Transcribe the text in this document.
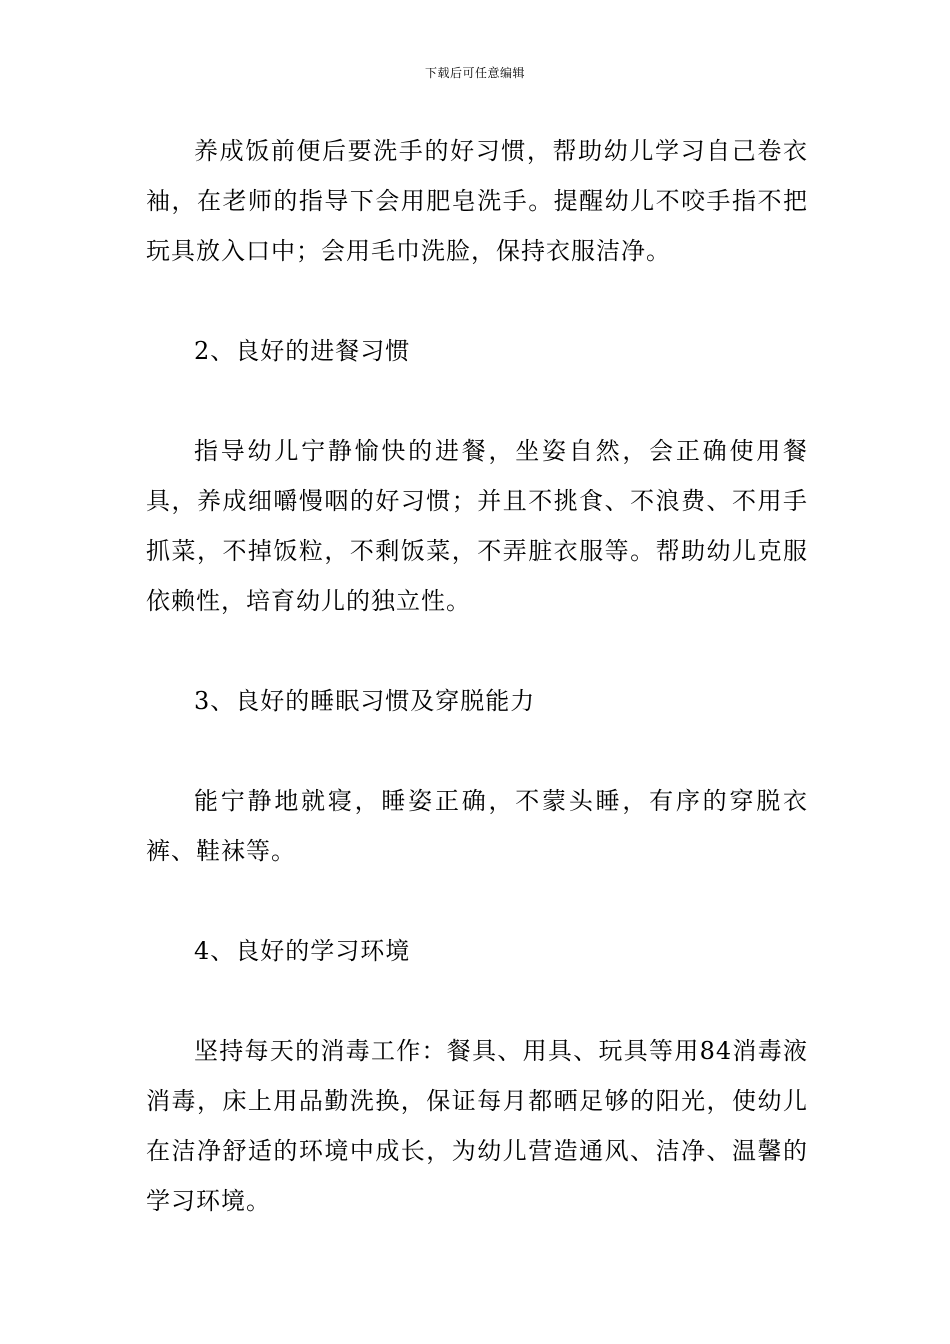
下载后可任意编辑

养成饭前便后要洗手的好习惯，帮助幼儿学习自己卷衣袖，在老师的指导下会用肥皂洗手。提醒幼儿不咬手指不把玩具放入口中；会用毛巾洗脸，保持衣服洁净。

2、良好的进餐习惯

指导幼儿宁静愉快的进餐，坐姿自然，会正确使用餐具，养成细嚼慢咽的好习惯；并且不挑食、不浪费、不用手抓菜，不掉饭粒，不剩饭菜，不弄脏衣服等。帮助幼儿克服依赖性，培育幼儿的独立性。

3、良好的睡眠习惯及穿脱能力

能宁静地就寝，睡姿正确，不蒙头睡，有序的穿脱衣裤、鞋袜等。

4、良好的学习环境

坚持每天的消毒工作：餐具、用具、玩具等用84消毒液消毒，床上用品勤洗换，保证每月都晒足够的阳光，使幼儿在洁净舒适的环境中成长，为幼儿营造通风、洁净、温馨的学习环境。
